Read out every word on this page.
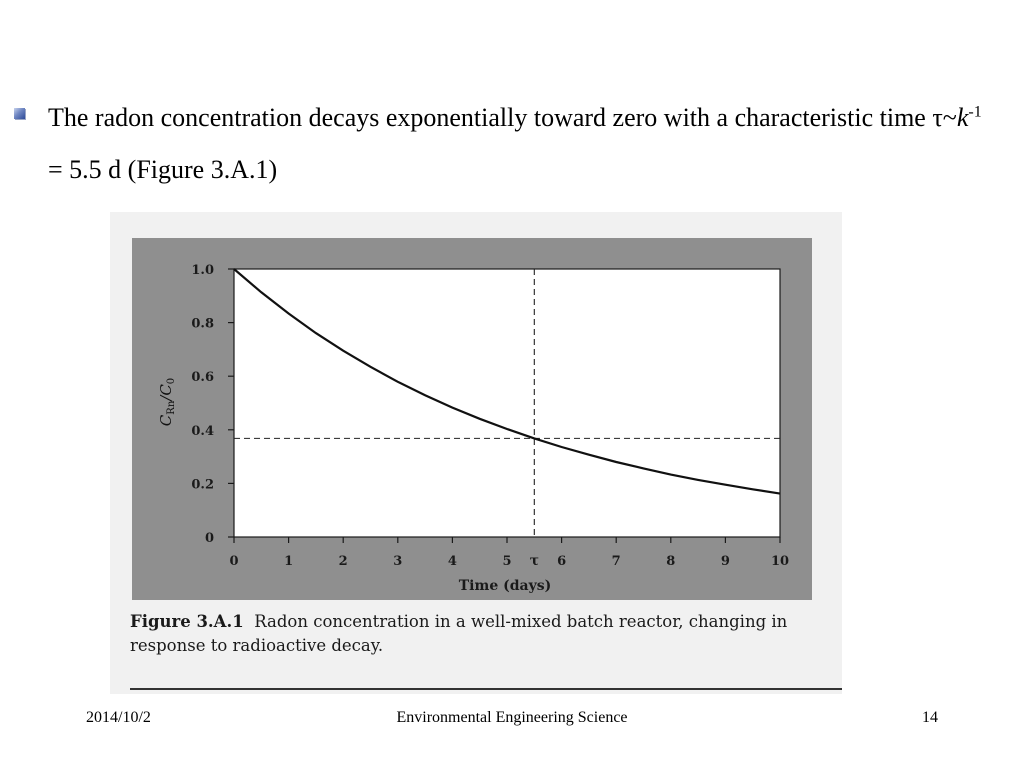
The radon concentration decays exponentially toward zero with a characteristic time $\tau\sim k^{-1} = 5.5$ d (Figure 3.A.1)
0
0.2
0.4
0.6
0.8
1.0
0	1	2	3	4	5	6	7	8	9	10
τ
Time (days)
$C_{Rn}/C_0$
Figure 3.A.1 Radon concentration in a well-mixed batch reactor, changing in response to radioactive decay.
2014/10/2	Environmental Engineering Science	14
